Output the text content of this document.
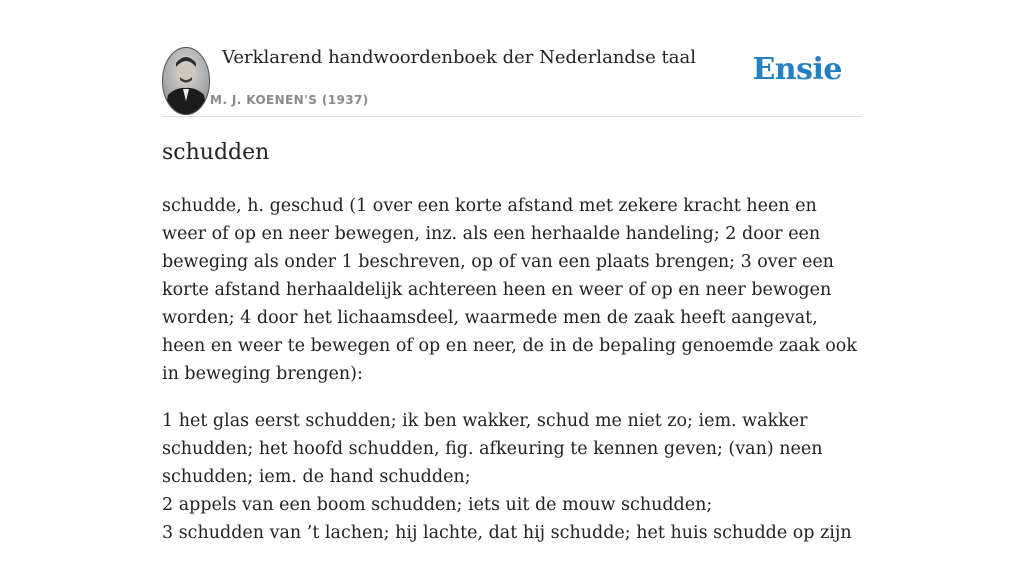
Verklarend handwoordenboek der Nederlandse taal
M. J. KOENEN'S (1937)
Ensie
schudden

schudde, h. geschud (1 over een korte afstand met zekere kracht heen en weer of op en neer bewegen, inz. als een herhaalde handeling; 2 door een beweging als onder 1 beschreven, op of van een plaats brengen; 3 over een korte afstand herhaaldelijk achtereen heen en weer of op en neer bewogen worden; 4 door het lichaamsdeel, waarmede men de zaak heeft aangevat, heen en weer te bewegen of op en neer, de in de bepaling genoemde zaak ook in beweging brengen):

1 het glas eerst schudden; ik ben wakker, schud me niet zo; iem. wakker schudden; het hoofd schudden, fig. afkeuring te kennen geven; (van) neen schudden; iem. de hand schudden;
2 appels van een boom schudden; iets uit de mouw schudden;
3 schudden van ’t lachen; hij lachte, dat hij schudde; het huis schudde op zijn
